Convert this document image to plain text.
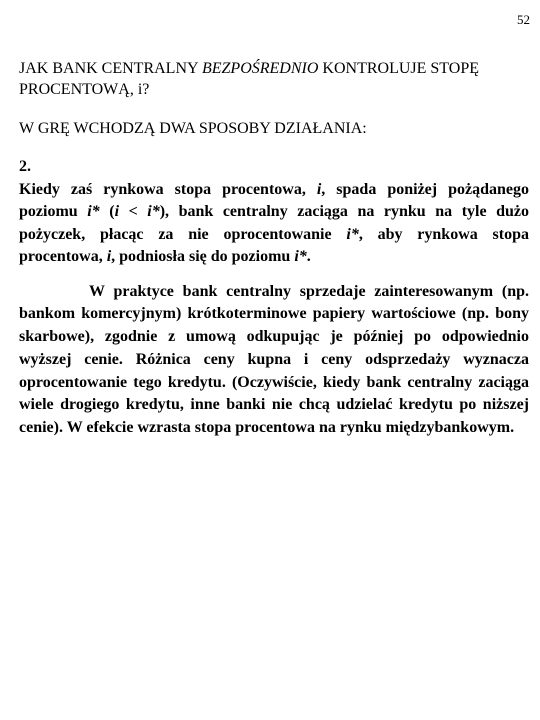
52

JAK BANK CENTRALNY BEZPOŚREDNIO KONTROLUJE STOPĘ PROCENTOWĄ, i?

W GRĘ WCHODZĄ DWA SPOSOBY DZIAŁANIA:

2.

Kiedy zaś rynkowa stopa procentowa, i, spada poniżej pożądanego poziomu i* (i < i*), bank centralny zaciąga na rynku na tyle dużo pożyczek, płacąc za nie oprocentowanie i*, aby rynkowa stopa procentowa, i, podniosła się do poziomu i*.

W praktyce bank centralny sprzedaje zainteresowanym (np. bankom komercyjnym) krótkoterminowe papiery wartościowe (np. bony skarbowe), zgodnie z umową odkupując je później po odpowiednio wyższej cenie. Różnica ceny kupna i ceny odsprzedaży wyznacza oprocentowanie tego kredytu. (Oczywiście, kiedy bank centralny zaciąga wiele drogiego kredytu, inne banki nie chcą udzielać kredytu po niższej cenie). W efekcie wzrasta stopa procentowa na rynku międzybankowym.
